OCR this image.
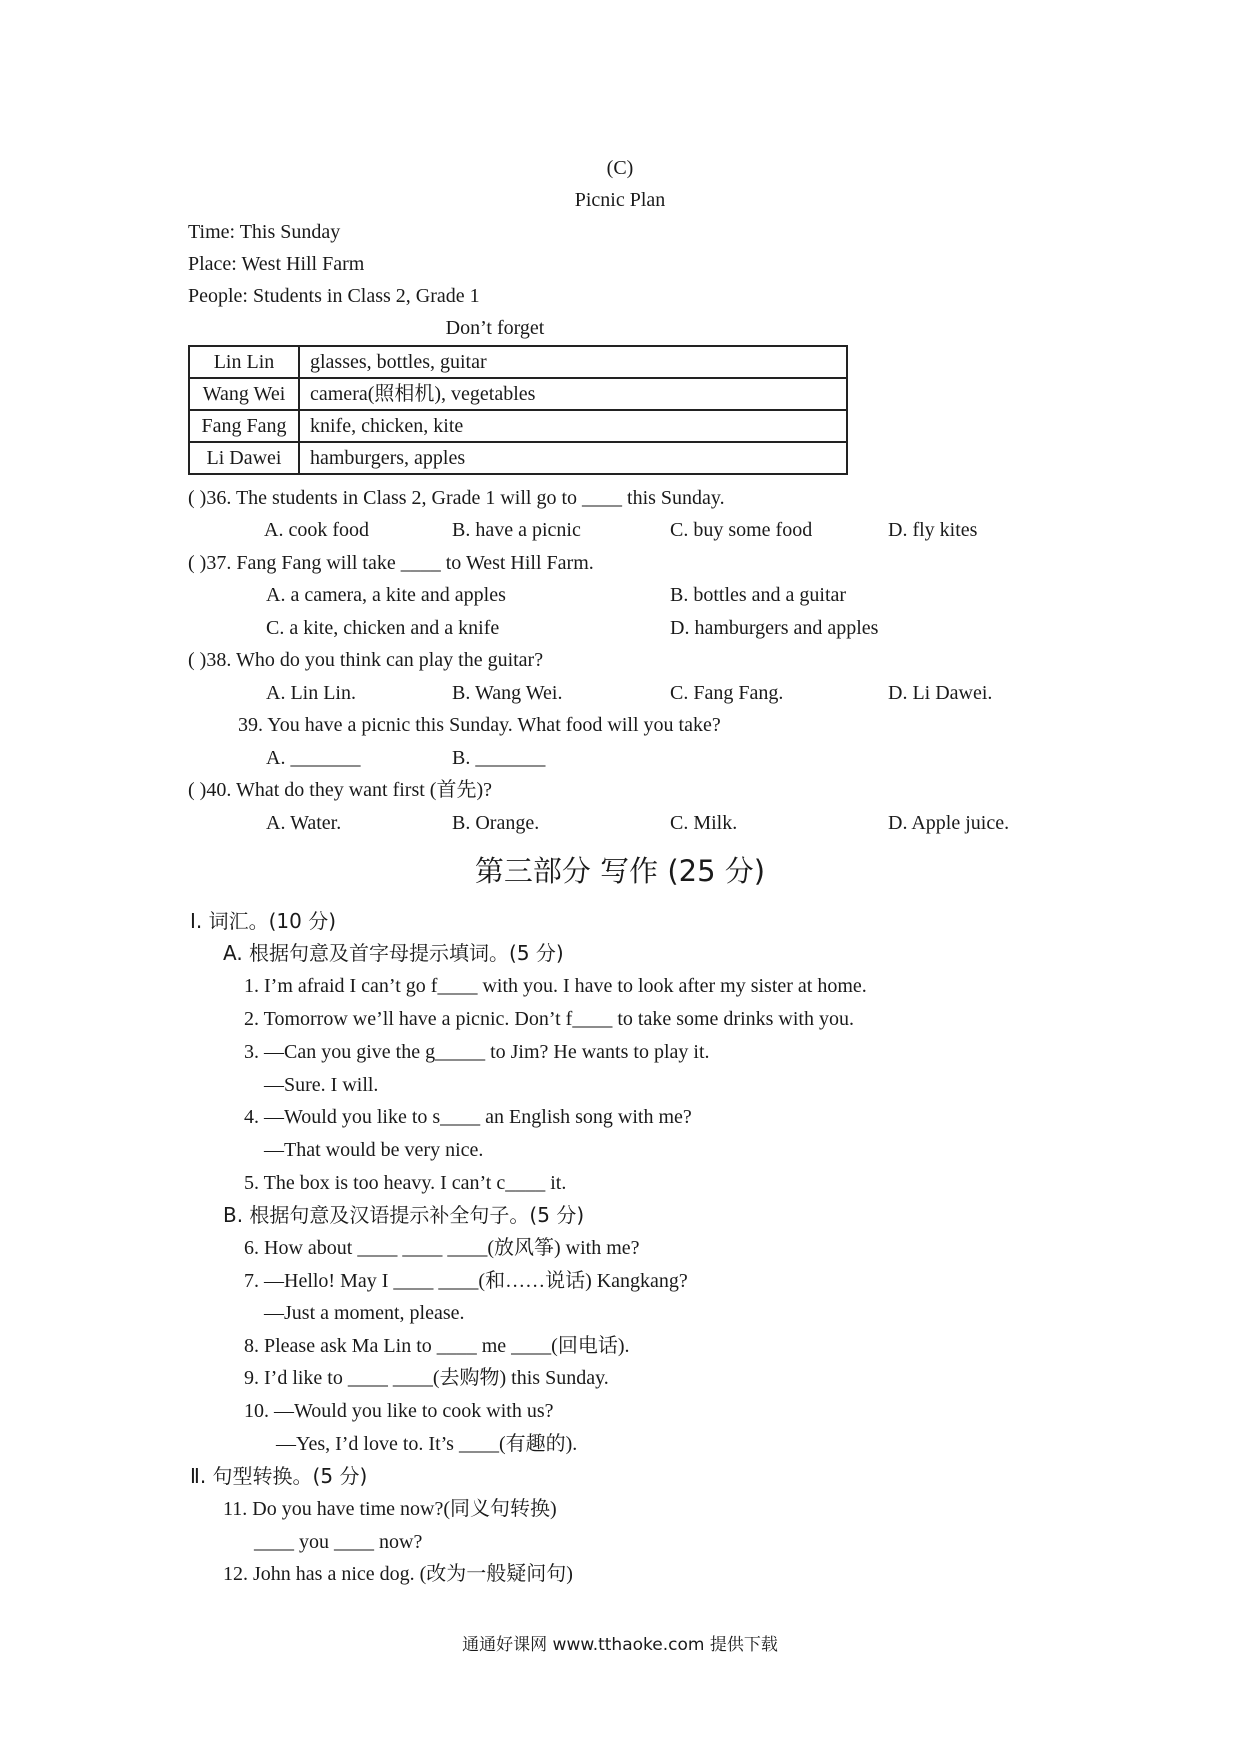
(C)
Picnic Plan
Time: This Sunday
Place: West Hill Farm
People: Students in Class 2, Grade 1
Don’t forget
Lin Lin	glasses, bottles, guitar
Wang Wei	camera(照相机), vegetables
Fang Fang	knife, chicken, kite
Li Dawei	hamburgers, apples
( )36. The students in Class 2, Grade 1 will go to ____ this Sunday.
A. cook food	B. have a picnic	C. buy some food	D. fly kites
( )37. Fang Fang will take ____ to West Hill Farm.
A. a camera, a kite and apples	B. bottles and a guitar
C. a kite, chicken and a knife	D. hamburgers and apples
( )38. Who do you think can play the guitar?
A. Lin Lin.	B. Wang Wei.	C. Fang Fang.	D. Li Dawei.
39. You have a picnic this Sunday. What food will you take?
A. _______	B. _______
( )40. What do they want first (首先)?
A. Water.	B. Orange.	C. Milk.	D. Apple juice.
第三部分 写作 (25 分)
Ⅰ. 词汇。(10 分)
A. 根据句意及首字母提示填词。(5 分)
1. I’m afraid I can’t go f____ with you. I have to look after my sister at home.
2. Tomorrow we’ll have a picnic. Don’t f____ to take some drinks with you.
3. —Can you give the g_____ to Jim? He wants to play it.
—Sure. I will.
4. —Would you like to s____ an English song with me?
—That would be very nice.
5. The box is too heavy. I can’t c____ it.
B. 根据句意及汉语提示补全句子。(5 分)
6. How about ____ ____ ____(放风筝) with me?
7. —Hello! May I ____ ____(和……说话) Kangkang?
—Just a moment, please.
8. Please ask Ma Lin to ____ me ____(回电话).
9. I’d like to ____ ____(去购物) this Sunday.
10. —Would you like to cook with us?
—Yes, I’d love to. It’s ____(有趣的).
Ⅱ. 句型转换。(5 分)
11. Do you have time now?(同义句转换)
____ you ____ now?
12. John has a nice dog. (改为一般疑问句)
通通好课网 www.tthaoke.com 提供下载
